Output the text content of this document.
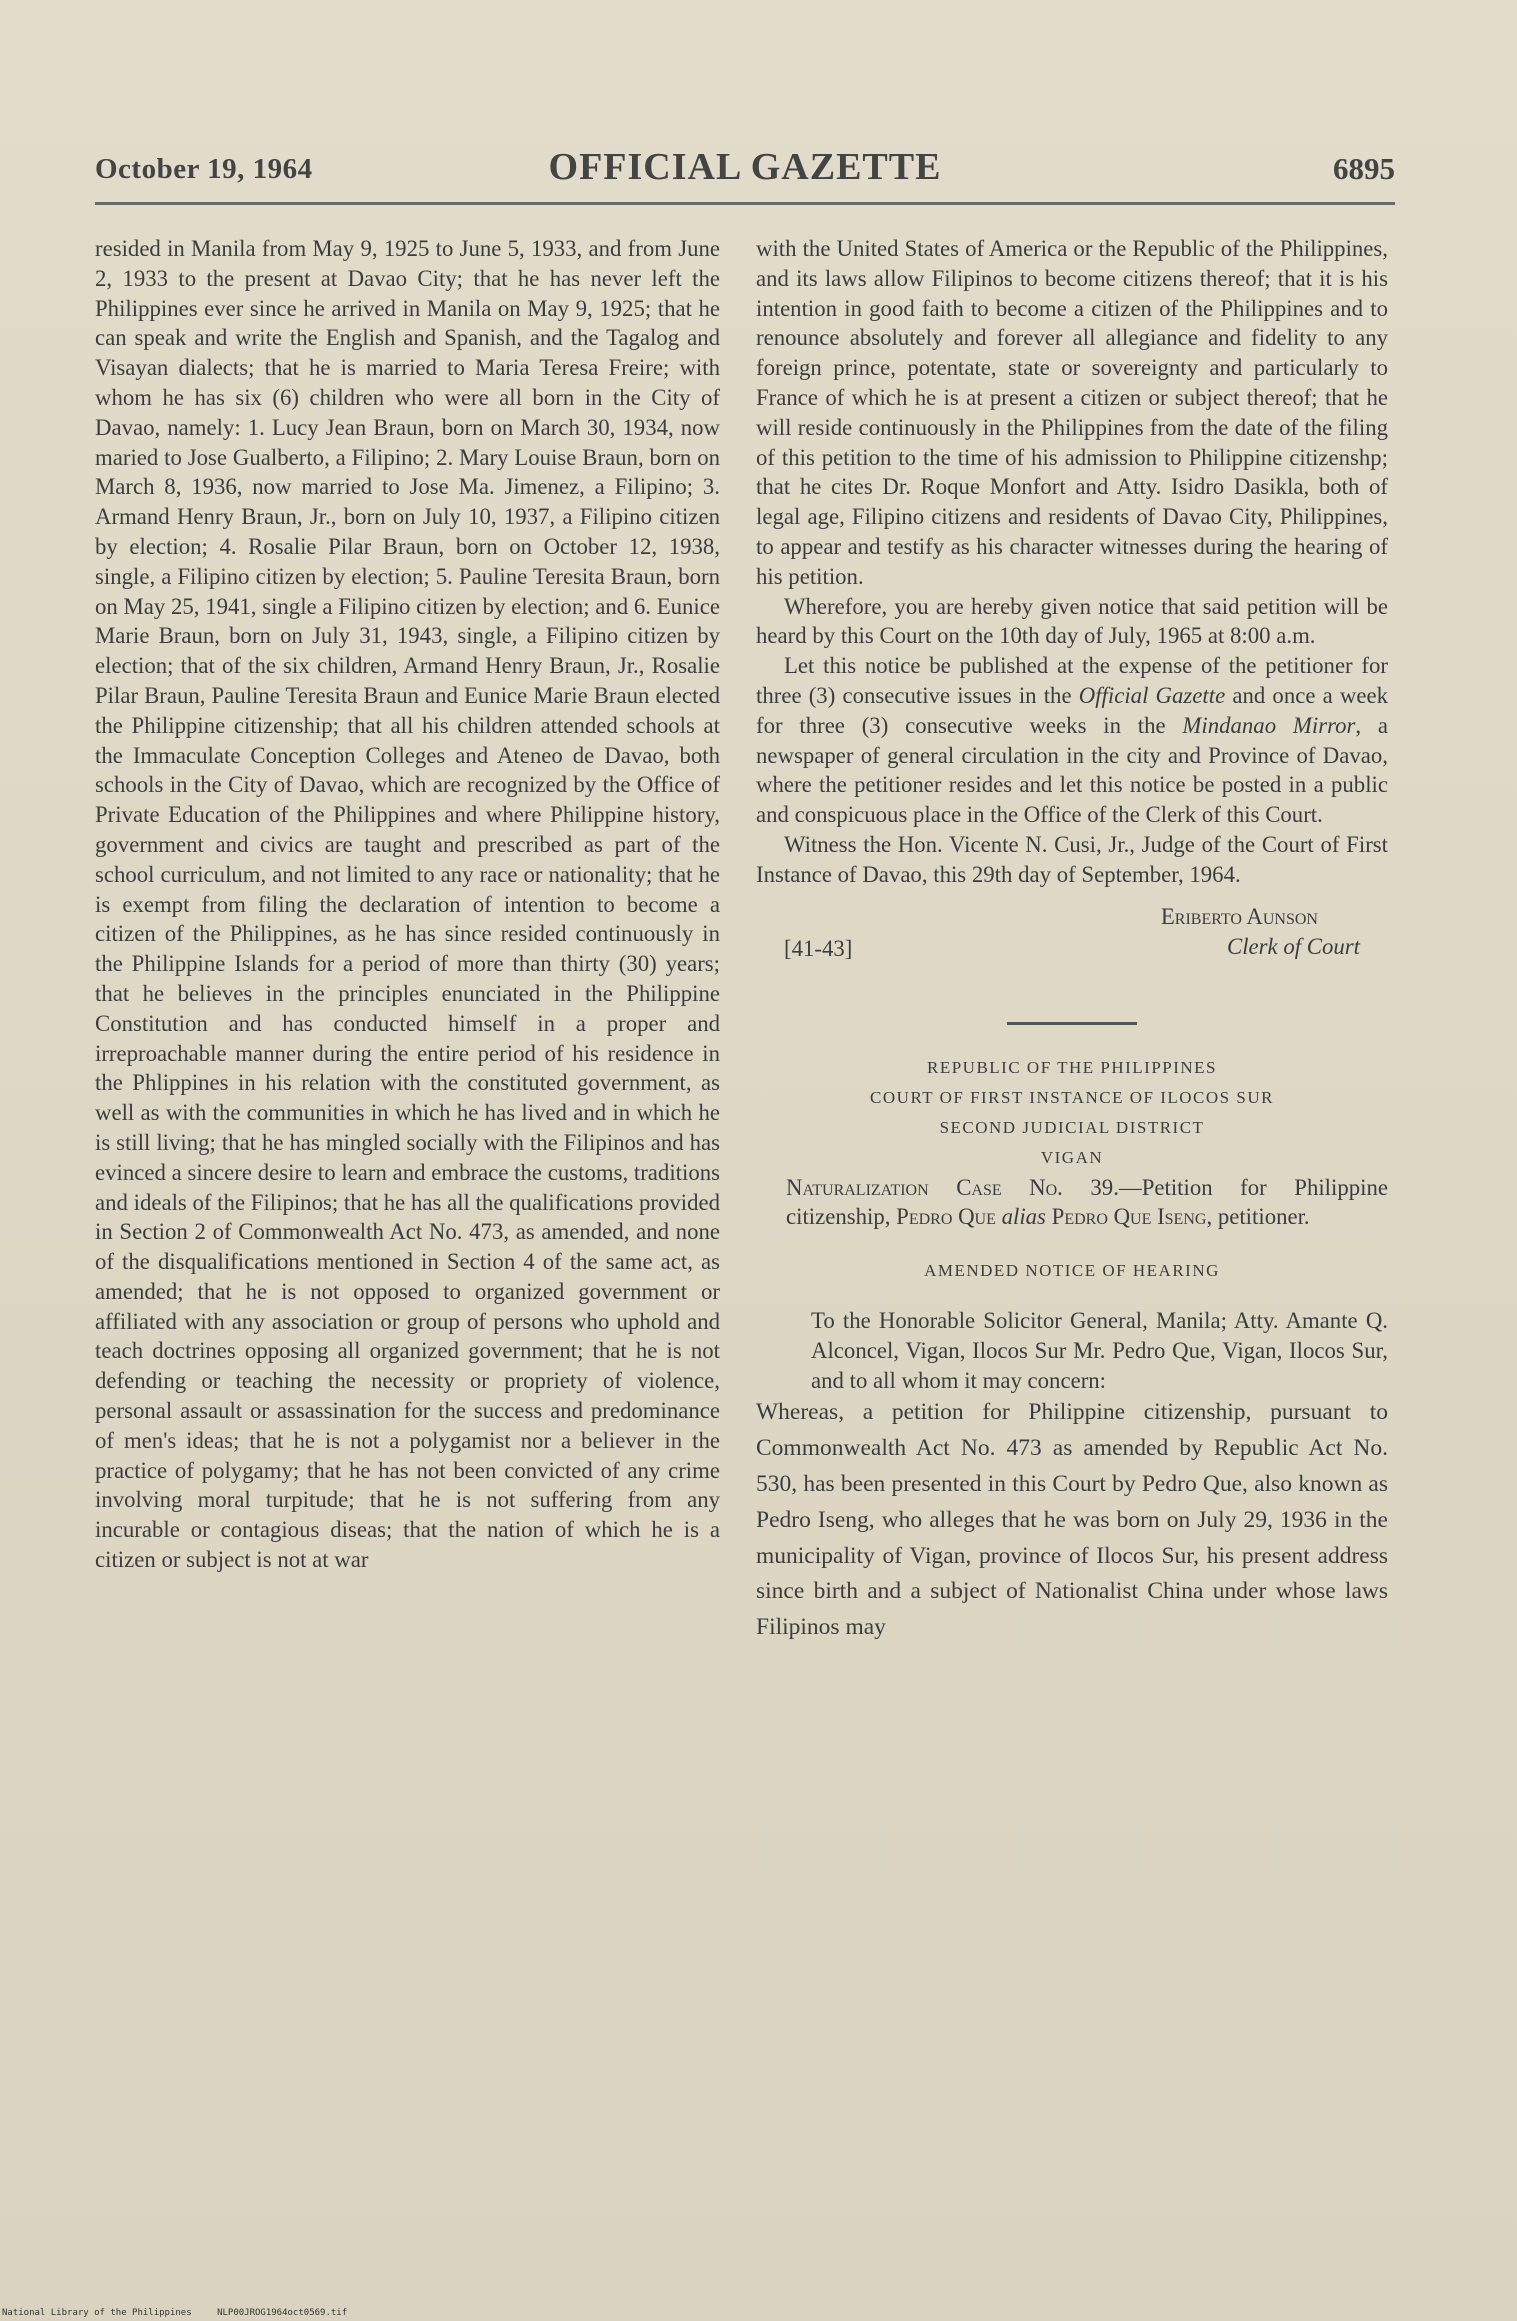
October 19, 1964	OFFICIAL GAZETTE	6895

resided in Manila from May 9, 1925 to June 5, 1933, and from June 2, 1933 to the present at Davao City; that he has never left the Philippines ever since he arrived in Manila on May 9, 1925; that he can speak and write the English and Spanish, and the Tagalog and Visayan dialects; that he is married to Maria Teresa Freire; with whom he has six (6) children who were all born in the City of Davao, namely: 1. Lucy Jean Braun, born on March 30, 1934, now maried to Jose Gualberto, a Filipino; 2. Mary Louise Braun, born on March 8, 1936, now married to Jose Ma. Jimenez, a Filipino; 3. Armand Henry Braun, Jr., born on July 10, 1937, a Filipino citizen by election; 4. Rosalie Pilar Braun, born on October 12, 1938, single, a Filipino citizen by election; 5. Pauline Teresita Braun, born on May 25, 1941, single a Filipino citizen by election; and 6. Eunice Marie Braun, born on July 31, 1943, single, a Filipino citizen by election; that of the six children, Armand Henry Braun, Jr., Rosalie Pilar Braun, Pauline Teresita Braun and Eunice Marie Braun elected the Philippine citizenship; that all his children attended schools at the Immaculate Conception Colleges and Ateneo de Davao, both schools in the City of Davao, which are recognized by the Office of Private Education of the Philippines and where Philippine history, government and civics are taught and prescribed as part of the school curriculum, and not limited to any race or nationality; that he is exempt from filing the declaration of intention to become a citizen of the Philippines, as he has since resided continuously in the Philippine Islands for a period of more than thirty (30) years; that he believes in the principles enunciated in the Philippine Constitution and has conducted himself in a proper and irreproachable manner during the entire period of his residence in the Phlippines in his relation with the constituted government, as well as with the communities in which he has lived and in which he is still living; that he has mingled socially with the Filipinos and has evinced a sincere desire to learn and embrace the customs, traditions and ideals of the Filipinos; that he has all the qualifications provided in Section 2 of Commonwealth Act No. 473, as amended, and none of the disqualifications mentioned in Section 4 of the same act, as amended; that he is not opposed to organized government or affiliated with any association or group of persons who uphold and teach doctrines opposing all organized government; that he is not defending or teaching the necessity or propriety of violence, personal assault or assassination for the success and predominance of men's ideas; that he is not a polygamist nor a believer in the practice of polygamy; that he has not been convicted of any crime involving moral turpitude; that he is not suffering from any incurable or contagious diseas; that the nation of which he is a citizen or subject is not at war

with the United States of America or the Republic of the Philippines, and its laws allow Filipinos to become citizens thereof; that it is his intention in good faith to become a citizen of the Philippines and to renounce absolutely and forever all allegiance and fidelity to any foreign prince, potentate, state or sovereignty and particularly to France of which he is at present a citizen or subject thereof; that he will reside continuously in the Philippines from the date of the filing of this petition to the time of his admission to Philippine citizenshp; that he cites Dr. Roque Monfort and Atty. Isidro Dasikla, both of legal age, Filipino citizens and residents of Davao City, Philippines, to appear and testify as his character witnesses during the hearing of his petition.

Wherefore, you are hereby given notice that said petition will be heard by this Court on the 10th day of July, 1965 at 8:00 a.m.

Let this notice be published at the expense of the petitioner for three (3) consecutive issues in the Official Gazette and once a week for three (3) consecutive weeks in the Mindanao Mirror, a newspaper of general circulation in the city and Province of Davao, where the petitioner resides and let this notice be posted in a public and conspicuous place in the Office of the Clerk of this Court.

Witness the Hon. Vicente N. Cusi, Jr., Judge of the Court of First Instance of Davao, this 29th day of September, 1964.

Eriberto Aunson
[41-43]	Clerk of Court
REPUBLIC OF THE PHILIPPINES
COURT OF FIRST INSTANCE OF ILOCOS SUR
SECOND JUDICIAL DISTRICT
VIGAN

Naturalization Case No. 39.—Petition for Philippine citizenship, Pedro Que alias Pedro Que Iseng, petitioner.

AMENDED NOTICE OF HEARING

To the Honorable Solicitor General, Manila; Atty. Amante Q. Alconcel, Vigan, Ilocos Sur Mr. Pedro Que, Vigan, Ilocos Sur, and to all whom it may concern:

Whereas, a petition for Philippine citizenship, pursuant to Commonwealth Act No. 473 as amended by Republic Act No. 530, has been presented in this Court by Pedro Que, also known as Pedro Iseng, who alleges that he was born on July 29, 1936 in the municipality of Vigan, province of Ilocos Sur, his present address since birth and a subject of Nationalist China under whose laws Filipinos may

National Library of the Philippines	NLP00JROG1964oct0569.tif
